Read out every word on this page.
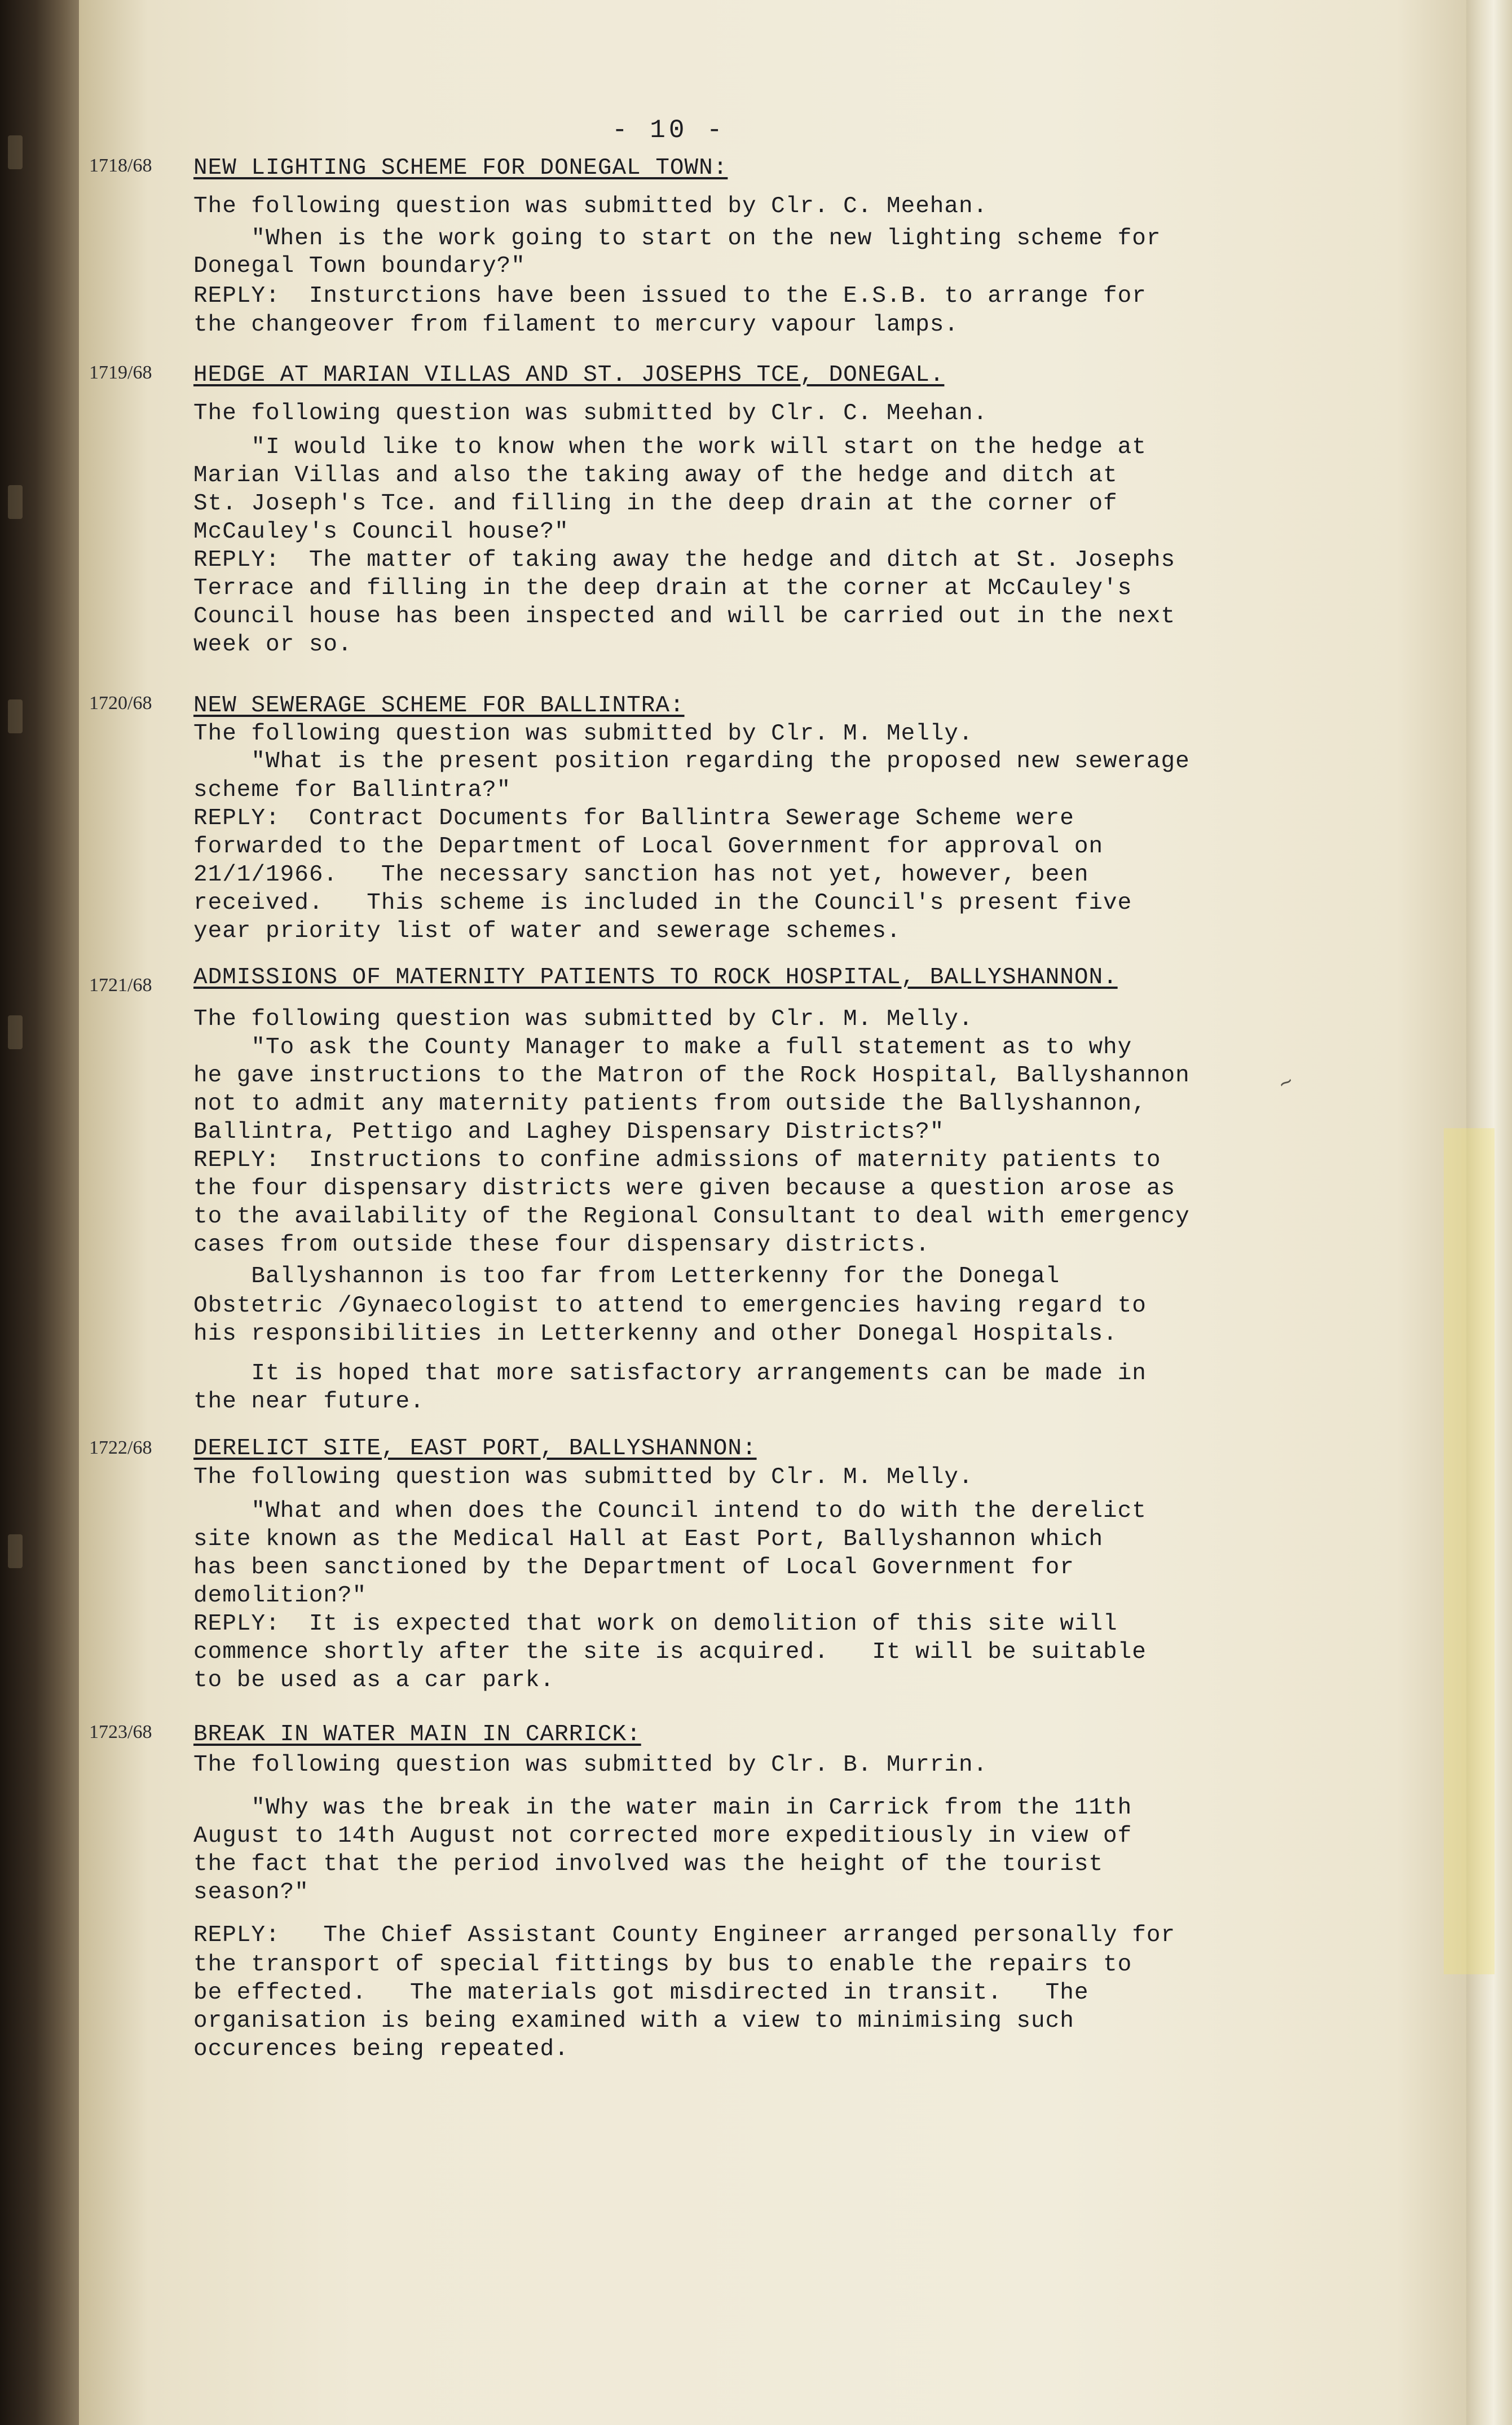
- 10 -
1718/68
1719/68
1720/68
1721/68
1722/68
1723/68
NEW LIGHTING SCHEME FOR DONEGAL TOWN:
The following question was submitted by Clr. C. Meehan.
"When is the work going to start on the new lighting scheme for
Donegal Town boundary?"
REPLY:  Insturctions have been issued to the E.S.B. to arrange for
the changeover from filament to mercury vapour lamps.
HEDGE AT MARIAN VILLAS AND ST. JOSEPHS TCE, DONEGAL.
The following question was submitted by Clr. C. Meehan.
"I would like to know when the work will start on the hedge at
Marian Villas and also the taking away of the hedge and ditch at
St. Joseph's Tce. and filling in the deep drain at the corner of
McCauley's Council house?"
REPLY:  The matter of taking away the hedge and ditch at St. Josephs
Terrace and filling in the deep drain at the corner at McCauley's
Council house has been inspected and will be carried out in the next
week or so.
NEW SEWERAGE SCHEME FOR BALLINTRA:
The following question was submitted by Clr. M. Melly.
"What is the present position regarding the proposed new sewerage
scheme for Ballintra?"
REPLY:  Contract Documents for Ballintra Sewerage Scheme were
forwarded to the Department of Local Government for approval on
21/1/1966.   The necessary sanction has not yet, however, been
received.   This scheme is included in the Council's present five
year priority list of water and sewerage schemes.
ADMISSIONS OF MATERNITY PATIENTS TO ROCK HOSPITAL, BALLYSHANNON.
The following question was submitted by Clr. M. Melly.
"To ask the County Manager to make a full statement as to why
he gave instructions to the Matron of the Rock Hospital, Ballyshannon
not to admit any maternity patients from outside the Ballyshannon,
Ballintra, Pettigo and Laghey Dispensary Districts?"
REPLY:  Instructions to confine admissions of maternity patients to
the four dispensary districts were given because a question arose as
to the availability of the Regional Consultant to deal with emergency
cases from outside these four dispensary districts.
Ballyshannon is too far from Letterkenny for the Donegal
Obstetric /Gynaecologist to attend to emergencies having regard to
his responsibilities in Letterkenny and other Donegal Hospitals.
It is hoped that more satisfactory arrangements can be made in
the near future.
DERELICT SITE, EAST PORT, BALLYSHANNON:
The following question was submitted by Clr. M. Melly.
"What and when does the Council intend to do with the derelict
site known as the Medical Hall at East Port, Ballyshannon which
has been sanctioned by the Department of Local Government for
demolition?"
REPLY:  It is expected that work on demolition of this site will
commence shortly after the site is acquired.   It will be suitable
to be used as a car park.
BREAK IN WATER MAIN IN CARRICK:
The following question was submitted by Clr. B. Murrin.
"Why was the break in the water main in Carrick from the 11th
August to 14th August not corrected more expeditiously in view of
the fact that the period involved was the height of the tourist
season?"
REPLY:   The Chief Assistant County Engineer arranged personally for
the transport of special fittings by bus to enable the repairs to
be effected.   The materials got misdirected in transit.   The
organisation is being examined with a view to minimising such
occurences being repeated.
~
